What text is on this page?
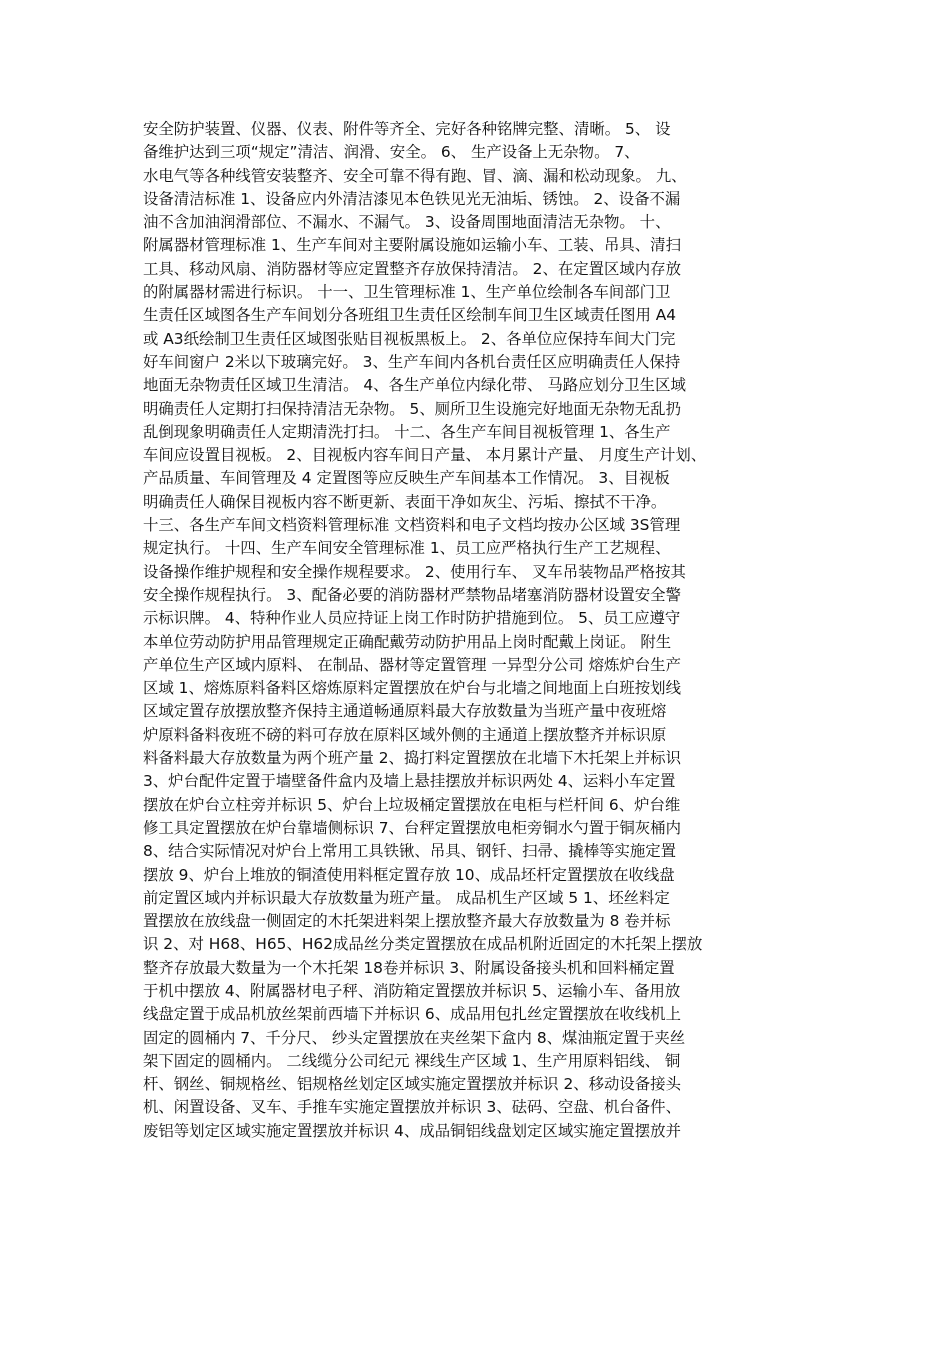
安全防护装置、仪器、仪表、附件等齐全、完好各种铭牌完整、清晰。 5、 设
备维护达到三项“规定”清洁、润滑、安全。 6、 生产设备上无杂物。 7、
水电气等各种线管安装整齐、安全可靠不得有跑、冒、滴、漏和松动现象。 九、
设备清洁标准 1、设备应内外清洁漆见本色铁见光无油垢、锈蚀。 2、设备不漏
油不含加油润滑部位、不漏水、不漏气。 3、设备周围地面清洁无杂物。 十、
附属器材管理标准 1、生产车间对主要附属设施如运输小车、工装、吊具、清扫
工具、移动风扇、消防器材等应定置整齐存放保持清洁。 2、在定置区域内存放
的附属器材需进行标识。 十一、卫生管理标准 1、生产单位绘制各车间部门卫
生责任区域图各生产车间划分各班组卫生责任区绘制车间卫生区域责任图用 A4
或 A3纸绘制卫生责任区域图张贴目视板黑板上。 2、各单位应保持车间大门完
好车间窗户 2米以下玻璃完好。 3、生产车间内各机台责任区应明确责任人保持
地面无杂物责任区域卫生清洁。 4、各生产单位内绿化带、 马路应划分卫生区域
明确责任人定期打扫保持清洁无杂物。 5、厕所卫生设施完好地面无杂物无乱扔
乱倒现象明确责任人定期清洗打扫。 十二、各生产车间目视板管理 1、各生产
车间应设置目视板。 2、目视板内容车间日产量、 本月累计产量、 月度生产计划、
产品质量、车间管理及 4 定置图等应反映生产车间基本工作情况。 3、目视板
明确责任人确保目视板内容不断更新、表面干净如灰尘、污垢、擦拭不干净。
十三、各生产车间文档资料管理标准 文档资料和电子文档均按办公区域 3S管理
规定执行。 十四、生产车间安全管理标准 1、员工应严格执行生产工艺规程、
设备操作维护规程和安全操作规程要求。 2、使用行车、 叉车吊装物品严格按其
安全操作规程执行。 3、配备必要的消防器材严禁物品堵塞消防器材设置安全警
示标识牌。 4、特种作业人员应持证上岗工作时防护措施到位。 5、员工应遵守
本单位劳动防护用品管理规定正确配戴劳动防护用品上岗时配戴上岗证。 附生
产单位生产区域内原料、 在制品、器材等定置管理 一异型分公司 熔炼炉台生产
区域 1、熔炼原料备料区熔炼原料定置摆放在炉台与北墙之间地面上白班按划线
区域定置存放摆放整齐保持主通道畅通原料最大存放数量为当班产量中夜班熔
炉原料备料夜班不磅的料可存放在原料区域外侧的主通道上摆放整齐并标识原
料备料最大存放数量为两个班产量 2、捣打料定置摆放在北墙下木托架上并标识
3、炉台配件定置于墙壁备件盒内及墙上悬挂摆放并标识两处 4、运料小车定置
摆放在炉台立柱旁并标识 5、炉台上垃圾桶定置摆放在电柜与栏杆间 6、炉台维
修工具定置摆放在炉台靠墙侧标识 7、台秤定置摆放电柜旁铜水勺置于铜灰桶内
8、结合实际情况对炉台上常用工具铁锹、吊具、钢钎、扫帚、撬棒等实施定置
摆放 9、炉台上堆放的铜渣使用料框定置存放 10、成品坯杆定置摆放在收线盘
前定置区域内并标识最大存放数量为班产量。 成品机生产区域 5 1、坯丝料定
置摆放在放线盘一侧固定的木托架进料架上摆放整齐最大存放数量为 8 卷并标
识 2、对 H68、H65、H62成品丝分类定置摆放在成品机附近固定的木托架上摆放
整齐存放最大数量为一个木托架 18卷并标识 3、附属设备接头机和回料桶定置
于机中摆放 4、附属器材电子秤、消防箱定置摆放并标识 5、运输小车、备用放
线盘定置于成品机放丝架前西墙下并标识 6、成品用包扎丝定置摆放在收线机上
固定的圆桶内 7、千分尺、 纱头定置摆放在夹丝架下盒内 8、煤油瓶定置于夹丝
架下固定的圆桶内。 二线缆分公司纪元 裸线生产区域 1、生产用原料铝线、 铜
杆、钢丝、铜规格丝、铝规格丝划定区域实施定置摆放并标识 2、移动设备接头
机、闲置设备、叉车、手推车实施定置摆放并标识 3、砝码、空盘、机台备件、
废铝等划定区域实施定置摆放并标识 4、成品铜铝线盘划定区域实施定置摆放并
